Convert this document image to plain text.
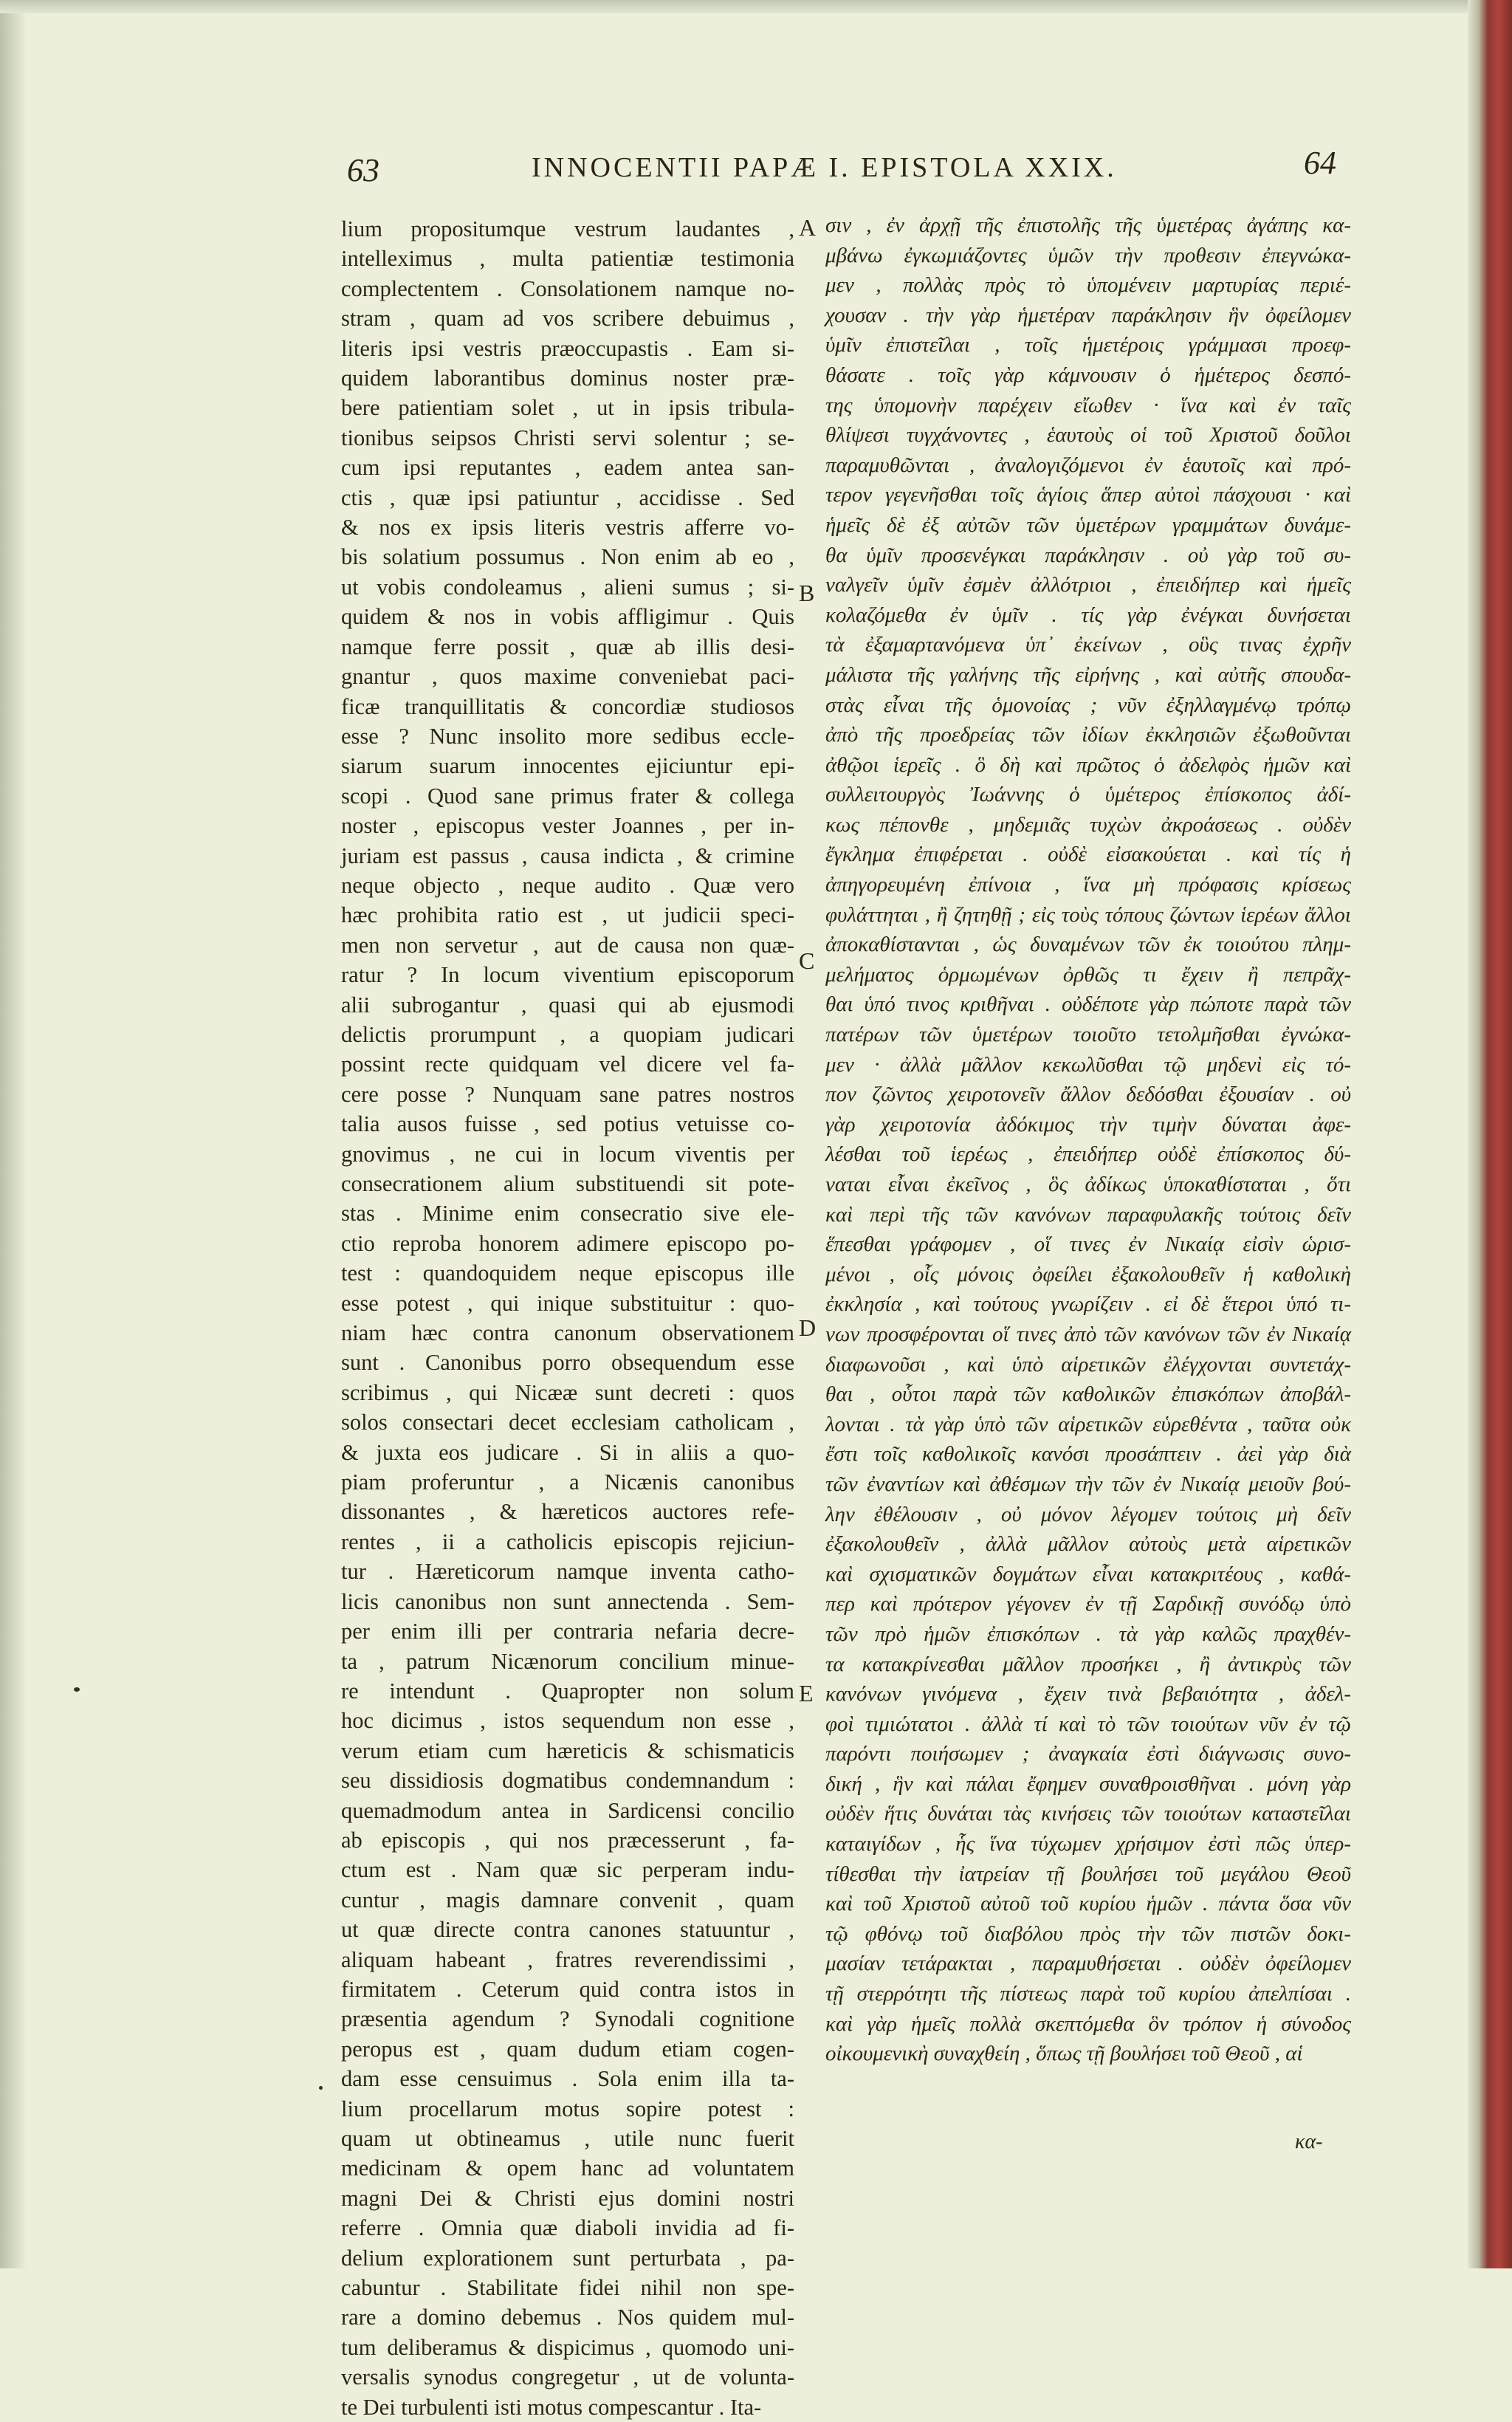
63	INNOCENTII PAPÆ I. EPISTOLA XXIX.	64
lium propositumque vestrum laudantes ,
intelleximus , multa patientiæ testimonia
complectentem . Consolationem namque no-
stram , quam ad vos scribere debuimus ,
literis ipsi vestris præoccupastis . Eam si-
quidem laborantibus dominus noster præ-
bere patientiam solet , ut in ipsis tribula-
tionibus seipsos Christi servi solentur ; se-
cum ipsi reputantes , eadem antea san-
ctis , quæ ipsi patiuntur , accidisse . Sed
& nos ex ipsis literis vestris afferre vo-
bis solatium possumus . Non enim ab eo ,
ut vobis condoleamus , alieni sumus ; si-
quidem & nos in vobis affligimur . Quis
namque ferre possit , quæ ab illis desi-
gnantur , quos maxime conveniebat paci-
ficæ tranquillitatis & concordiæ studiosos
esse ? Nunc insolito more sedibus eccle-
siarum suarum innocentes ejiciuntur epi-
scopi . Quod sane primus frater & collega
noster , episcopus vester Joannes , per in-
juriam est passus , causa indicta , & crimine
neque objecto , neque audito . Quæ vero
hæc prohibita ratio est , ut judicii speci-
men non servetur , aut de causa non quæ-
ratur ? In locum viventium episcoporum
alii subrogantur , quasi qui ab ejusmodi
delictis prorumpunt , a quopiam judicari
possint recte quidquam vel dicere vel fa-
cere posse ? Nunquam sane patres nostros
talia ausos fuisse , sed potius vetuisse co-
gnovimus , ne cui in locum viventis per
consecrationem alium substituendi sit pote-
stas . Minime enim consecratio sive ele-
ctio reproba honorem adimere episcopo po-
test : quandoquidem neque episcopus ille
esse potest , qui inique substituitur : quo-
niam hæc contra canonum observationem
sunt . Canonibus porro obsequendum esse
scribimus , qui Nicææ sunt decreti : quos
solos consectari decet ecclesiam catholicam ,
& juxta eos judicare . Si in aliis a quo-
piam proferuntur , a Nicænis canonibus
dissonantes , & hæreticos auctores refe-
rentes , ii a catholicis episcopis rejiciun-
tur . Hæreticorum namque inventa catho-
licis canonibus non sunt annectenda . Sem-
per enim illi per contraria nefaria decre-
ta , patrum Nicænorum concilium minue-
re intendunt . Quapropter non solum
hoc dicimus , istos sequendum non esse ,
verum etiam cum hæreticis & schismaticis
seu dissidiosis dogmatibus condemnandum :
quemadmodum antea in Sardicensi concilio
ab episcopis , qui nos præcesserunt , fa-
ctum est . Nam quæ sic perperam indu-
cuntur , magis damnare convenit , quam
ut quæ directe contra canones statuuntur ,
aliquam habeant , fratres reverendissimi ,
firmitatem . Ceterum quid contra istos in
præsentia agendum ? Synodali cognitione
peropus est , quam dudum etiam cogen-
dam esse censuimus . Sola enim illa ta-
lium procellarum motus sopire potest :
quam ut obtineamus , utile nunc fuerit
medicinam & opem hanc ad voluntatem
magni Dei & Christi ejus domini nostri
referre . Omnia quæ diaboli invidia ad fi-
delium explorationem sunt perturbata , pa-
cabuntur . Stabilitate fidei nihil non spe-
rare a domino debemus . Nos quidem mul-
tum deliberamus & dispicimus , quomodo uni-
versalis synodus congregetur , ut de volunta-
te Dei turbulenti isti motus compescantur . Ita-
A
B
C
D
E
σιν , ἐν ἀρχῇ τῆς ἐπιστολῆς τῆς ὑμετέρας ἀγάπης κα-
μβάνω ἐγκωμιάζοντες ὑμῶν τὴν προθεσιν ἐπεγνώκα-
μεν , πολλὰς πρὸς τὸ ὑπομένειν μαρτυρίας περιέ-
χουσαν . τὴν γὰρ ἡμετέραν παράκλησιν ἣν ὀφείλομεν
ὑμῖν ἐπιστεῖλαι , τοῖς ἡμετέροις γράμμασι προεφ-
θάσατε . τοῖς γὰρ κάμνουσιν ὁ ἡμέτερος δεσπό-
της ὑπομονὴν παρέχειν εἴωθεν · ἵνα καὶ ἐν ταῖς
θλίψεσι τυγχάνοντες , ἑαυτοὺς οἱ τοῦ Χριστοῦ δοῦλοι
παραμυθῶνται , ἀναλογιζόμενοι ἐν ἑαυτοῖς καὶ πρό-
τερον γεγενῆσθαι τοῖς ἁγίοις ἅπερ αὐτοὶ πάσχουσι · καὶ
ἡμεῖς δὲ ἐξ αὐτῶν τῶν ὑμετέρων γραμμάτων δυνάμε-
θα ὑμῖν προσενέγκαι παράκλησιν . οὐ γὰρ τοῦ συ-
ναλγεῖν ὑμῖν ἐσμὲν ἀλλότριοι , ἐπειδήπερ καὶ ἡμεῖς
κολαζόμεθα ἐν ὑμῖν . τίς γὰρ ἐνέγκαι δυνήσεται
τὰ ἐξαμαρτανόμενα ὑπ᾽ ἐκείνων , οὓς τινας ἐχρῆν
μάλιστα τῆς γαλήνης τῆς εἰρήνης , καὶ αὐτῆς σπουδα-
στὰς εἶναι τῆς ὁμονοίας ; νῦν ἐξηλλαγμένῳ τρόπῳ
ἀπὸ τῆς προεδρείας τῶν ἰδίων ἐκκλησιῶν ἐξωθοῦνται
ἀθῷοι ἱερεῖς . ὃ δὴ καὶ πρῶτος ὁ ἀδελφὸς ἡμῶν καὶ
συλλειτουργὸς Ἰωάννης ὁ ὑμέτερος ἐπίσκοπος ἀδί-
κως πέπονθε , μηδεμιᾶς τυχὼν ἀκροάσεως . οὐδὲν
ἔγκλημα ἐπιφέρεται . οὐδὲ εἰσακούεται . καὶ τίς ἡ
ἀπηγορευμένη ἐπίνοια , ἵνα μὴ πρόφασις κρίσεως
φυλάττηται , ἢ ζητηθῇ ; εἰς τοὺς τόπους ζώντων ἱερέων ἄλλοι
ἀποκαθίστανται , ὡς δυναμένων τῶν ἐκ τοιούτου πλημ-
μελήματος ὁρμωμένων ὀρθῶς τι ἔχειν ἢ πεπρᾶχ-
θαι ὑπό τινος κριθῆναι . οὐδέποτε γὰρ πώποτε παρὰ τῶν
πατέρων τῶν ὑμετέρων τοιοῦτο τετολμῆσθαι ἐγνώκα-
μεν · ἀλλὰ μᾶλλον κεκωλῦσθαι τῷ μηδενὶ εἰς τό-
πον ζῶντος χειροτονεῖν ἄλλον δεδόσθαι ἐξουσίαν . οὐ
γὰρ χειροτονία ἀδόκιμος τὴν τιμὴν δύναται ἀφε-
λέσθαι τοῦ ἱερέως , ἐπειδήπερ οὐδὲ ἐπίσκοπος δύ-
ναται εἶναι ἐκεῖνος , ὃς ἀδίκως ὑποκαθίσταται , ὅτι
καὶ περὶ τῆς τῶν κανόνων παραφυλακῆς τούτοις δεῖν
ἕπεσθαι γράφομεν , οἵ τινες ἐν Νικαίᾳ εἰσὶν ὡρισ-
μένοι , οἷς μόνοις ὀφείλει ἐξακολουθεῖν ἡ καθολικὴ
ἐκκλησία , καὶ τούτους γνωρίζειν . εἰ δὲ ἕτεροι ὑπό τι-
νων προσφέρονται οἵ τινες ἀπὸ τῶν κανόνων τῶν ἐν Νικαίᾳ
διαφωνοῦσι , καὶ ὑπὸ αἱρετικῶν ἐλέγχονται συντετάχ-
θαι , οὗτοι παρὰ τῶν καθολικῶν ἐπισκόπων ἀποβάλ-
λονται . τὰ γὰρ ὑπὸ τῶν αἱρετικῶν εὑρεθέντα , ταῦτα οὐκ
ἔστι τοῖς καθολικοῖς κανόσι προσάπτειν . ἀεὶ γὰρ διὰ
τῶν ἐναντίων καὶ ἀθέσμων τὴν τῶν ἐν Νικαίᾳ μειοῦν βού-
λην ἐθέλουσιν , οὐ μόνον λέγομεν τούτοις μὴ δεῖν
ἐξακολουθεῖν , ἀλλὰ μᾶλλον αὐτοὺς μετὰ αἱρετικῶν
καὶ σχισματικῶν δογμάτων εἶναι κατακριτέους , καθά-
περ καὶ πρότερον γέγονεν ἐν τῇ Σαρδικῇ συνόδῳ ὑπὸ
τῶν πρὸ ἡμῶν ἐπισκόπων . τὰ γὰρ καλῶς πραχθέν-
τα κατακρίνεσθαι μᾶλλον προσήκει , ἢ ἀντικρὺς τῶν
κανόνων γινόμενα , ἔχειν τινὰ βεβαιότητα , ἀδελ-
φοὶ τιμιώτατοι . ἀλλὰ τί καὶ τὸ τῶν τοιούτων νῦν ἐν τῷ
παρόντι ποιήσωμεν ; ἀναγκαία ἐστὶ διάγνωσις συνο-
δική , ἣν καὶ πάλαι ἔφημεν συναθροισθῆναι . μόνη γὰρ
οὐδὲν ἥτις δυνάται τὰς κινήσεις τῶν τοιούτων καταστεῖλαι
καταιγίδων , ἧς ἵνα τύχωμεν χρήσιμον ἐστὶ πῶς ὑπερ-
τίθεσθαι τὴν ἰατρείαν τῇ βουλήσει τοῦ μεγάλου Θεοῦ
καὶ τοῦ Χριστοῦ αὐτοῦ τοῦ κυρίου ἡμῶν . πάντα ὅσα νῦν
τῷ φθόνῳ τοῦ διαβόλου πρὸς τὴν τῶν πιστῶν δοκι-
μασίαν τετάρακται , παραμυθήσεται . οὐδὲν ὀφείλομεν
τῇ στερρότητι τῆς πίστεως παρὰ τοῦ κυρίου ἀπελπίσαι .
καὶ γὰρ ἡμεῖς πολλὰ σκεπτόμεθα ὃν τρόπον ἡ σύνοδος
οἰκουμενικὴ συναχθείη , ὅπως τῇ βουλήσει τοῦ Θεοῦ , αἱ
κα-
